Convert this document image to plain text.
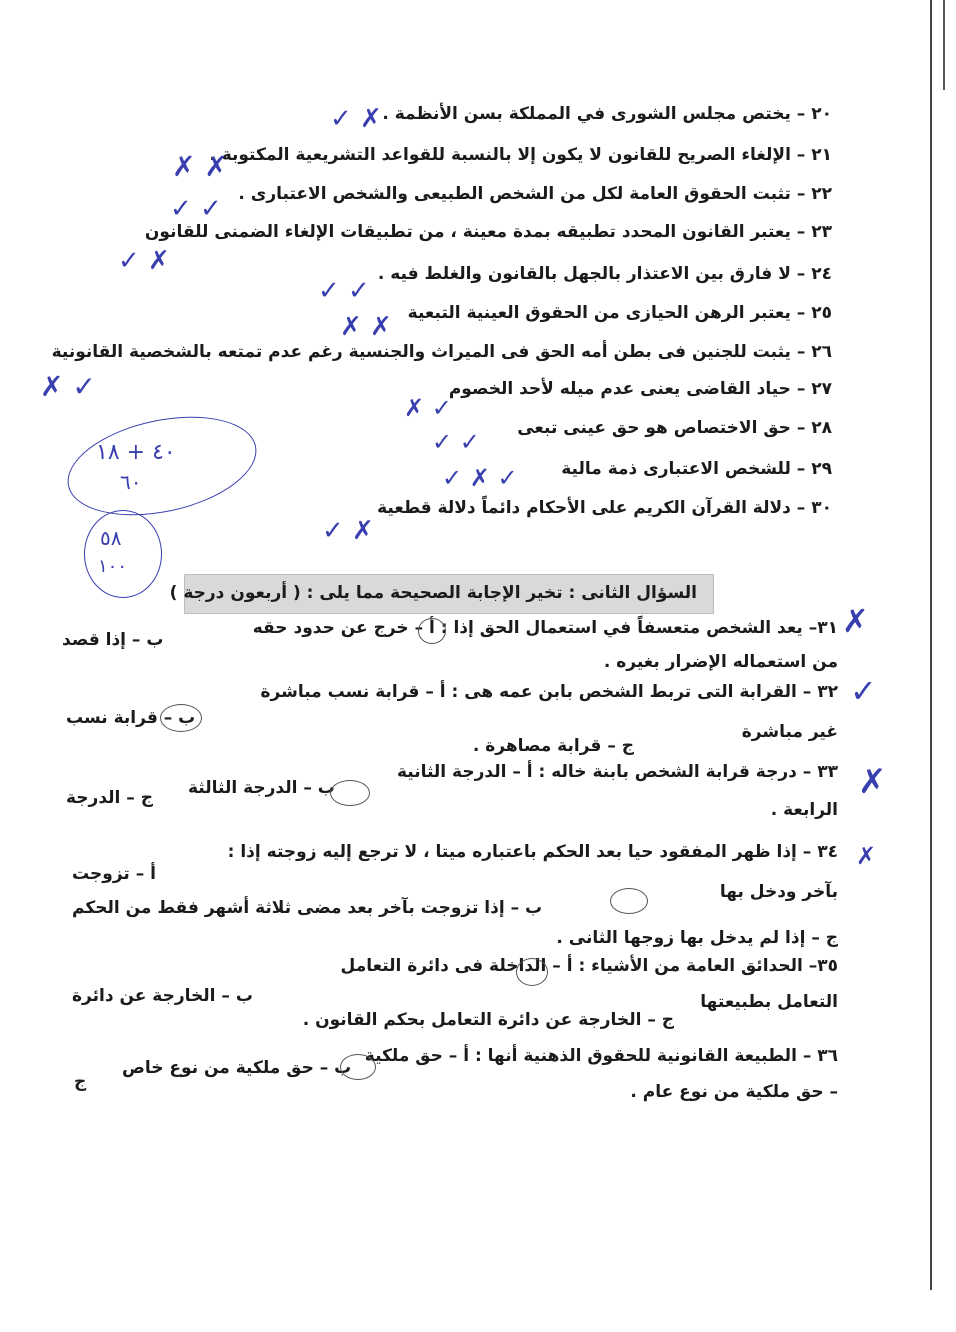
٢٠ – يختص مجلس الشورى في المملكة بسن الأنظمة .
٢١ – الإلغاء الصريح للقانون لا يكون إلا بالنسبة للقواعد التشريعية المكتوبة .
٢٢ – تثبت الحقوق العامة لكل من الشخص الطبيعى والشخص الاعتبارى .
٢٣ – يعتبر القانون المحدد تطبيقه بمدة معينة ، من تطبيقات الإلغاء الضمنى للقانون
٢٤ – لا فارق بين الاعتذار بالجهل بالقانون والغلط فيه .
٢٥ – يعتبر الرهن الحيازى من الحقوق العينية التبعية
٢٦ – يثبت للجنين فى بطن أمه الحق فى الميراث والجنسية رغم عدم تمتعه بالشخصية القانونية
٢٧ – حياد القاضى يعنى عدم ميله لأحد الخصوم
٢٨ – حق الاختصاص هو حق عينى تبعى
٢٩ – للشخص الاعتبارى ذمة مالية
٣٠ – دلالة القرآن الكريم على الأحكام دائماً دلالة قطعية
✓ ✗
✗ ✗
✓ ✓
✓ ✗
✓ ✓
✗ ✗
✗ ✓
✗ ✓
✓ ✓
✓ ✗ ✓
✓ ✗
٤٠ + ١٨
٦٠
٥٨
١٠٠
السؤال الثانى : تخير الإجابة الصحيحة مما يلى : ( أربعون درجة )
٣١– يعد الشخص متعسفاً في استعمال الحق إذا : أ – خرج عن حدود حقه
ب – إذا قصد
من استعماله الإضرار بغيره .
٣٢ – القرابة التى تربط الشخص بابن عمه هى : أ – قرابة نسب مباشرة
ب – قرابة نسب
غير مباشرة
ج – قرابة مصاهرة .
٣٣ – درجة قرابة الشخص بابنة خاله : أ – الدرجة الثانية
ب – الدرجة الثالثة
ج – الدرجة
الرابعة .
٣٤ – إذا ظهر المفقود حيا بعد الحكم باعتباره ميتا ، لا ترجع إليه زوجته إذا :
أ – تزوجت
بآخر ودخل بها
ب – إذا تزوجت بآخر بعد مضى ثلاثة أشهر فقط من الحكم
ج – إذا لم يدخل بها زوجها الثانى .
٣٥– الحدائق العامة من الأشياء : أ – الداخلة فى دائرة التعامل
ب – الخارجة عن دائرة	التعامل بطبيعتها
ج – الخارجة عن دائرة التعامل بحكم القانون .
٣٦ – الطبيعة القانونية للحقوق الذهنية أنها : أ – حق ملكية
ب – حق ملكية من نوع خاص
ج	– حق ملكية من نوع عام .
✗
✓
✗
✗
